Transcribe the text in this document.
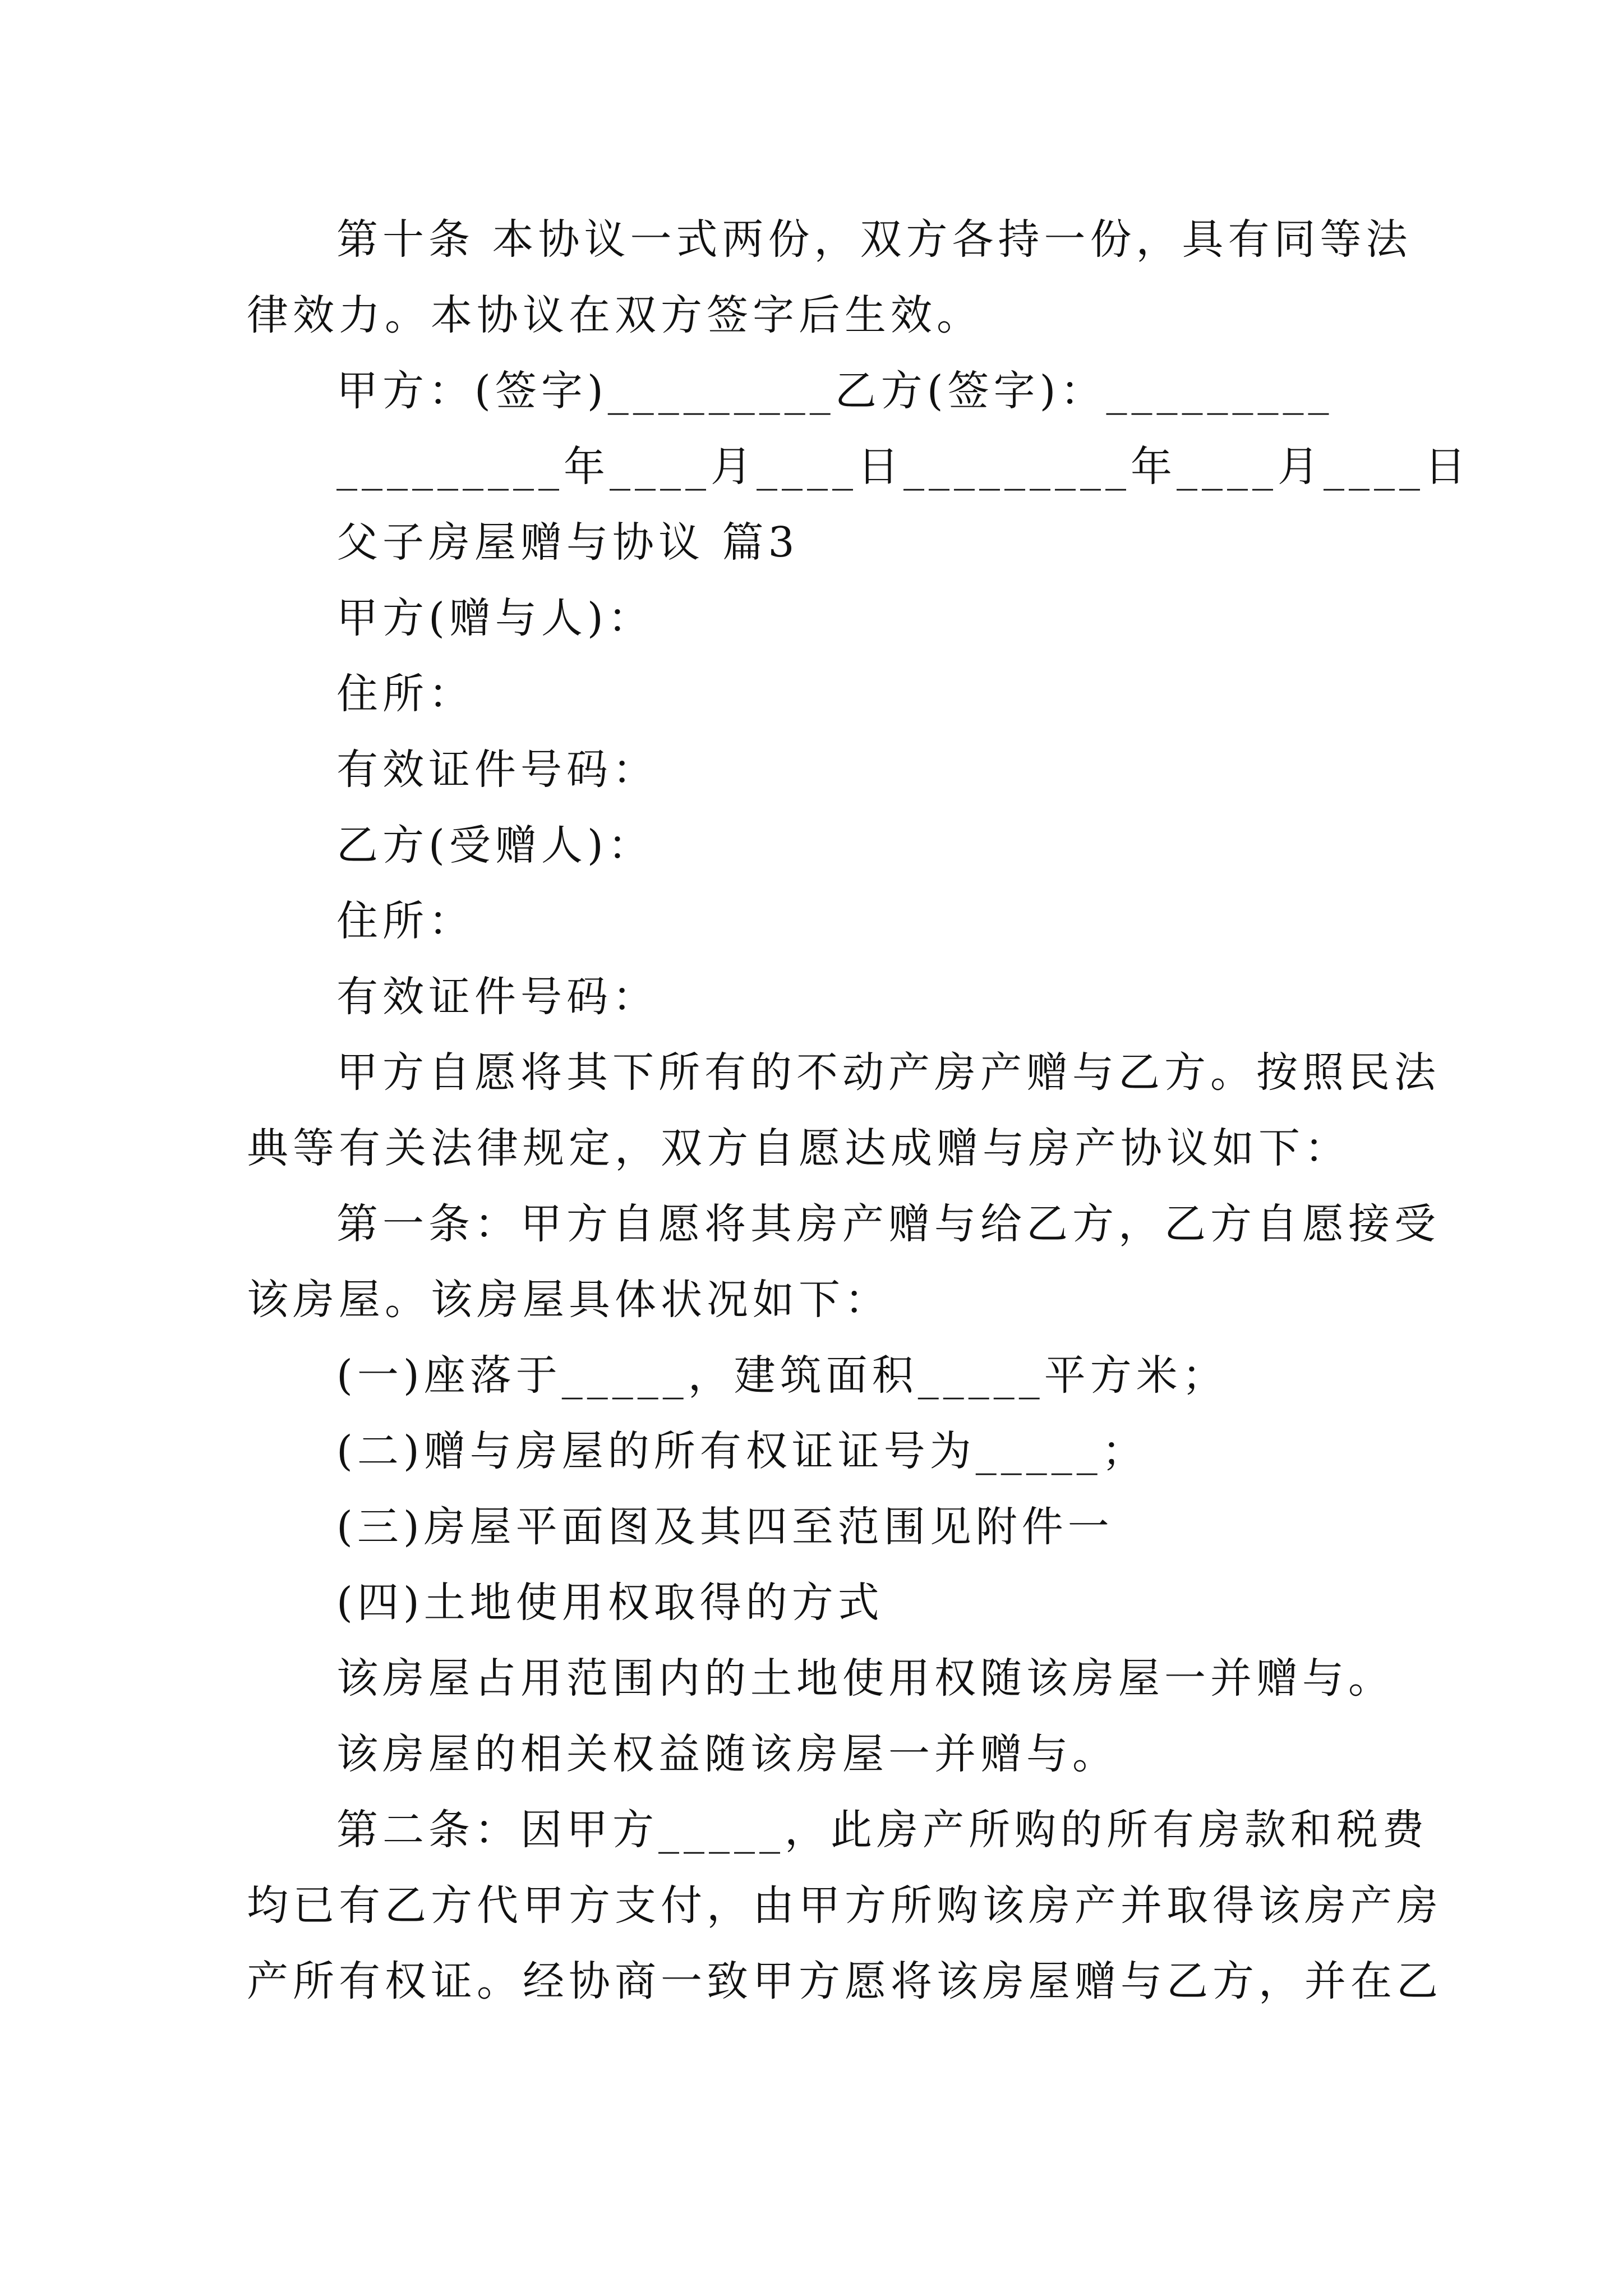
第十条 本协议一式两份，双方各持一份，具有同等法
律效力。本协议在双方签字后生效。
甲方：(签字)_________乙方(签字)：_________
_________年____月____日_________年____月____日
父子房屋赠与协议 篇3
甲方(赠与人)：
住所：
有效证件号码：
乙方(受赠人)：
住所：
有效证件号码：
甲方自愿将其下所有的不动产房产赠与乙方。按照民法
典等有关法律规定，双方自愿达成赠与房产协议如下：
第一条：甲方自愿将其房产赠与给乙方，乙方自愿接受
该房屋。该房屋具体状况如下：
(一)座落于_____，建筑面积_____平方米；
(二)赠与房屋的所有权证证号为_____；
(三)房屋平面图及其四至范围见附件一
(四)土地使用权取得的方式
该房屋占用范围内的土地使用权随该房屋一并赠与。
该房屋的相关权益随该房屋一并赠与。
第二条：因甲方_____，此房产所购的所有房款和税费
均已有乙方代甲方支付，由甲方所购该房产并取得该房产房
产所有权证。经协商一致甲方愿将该房屋赠与乙方，并在乙
